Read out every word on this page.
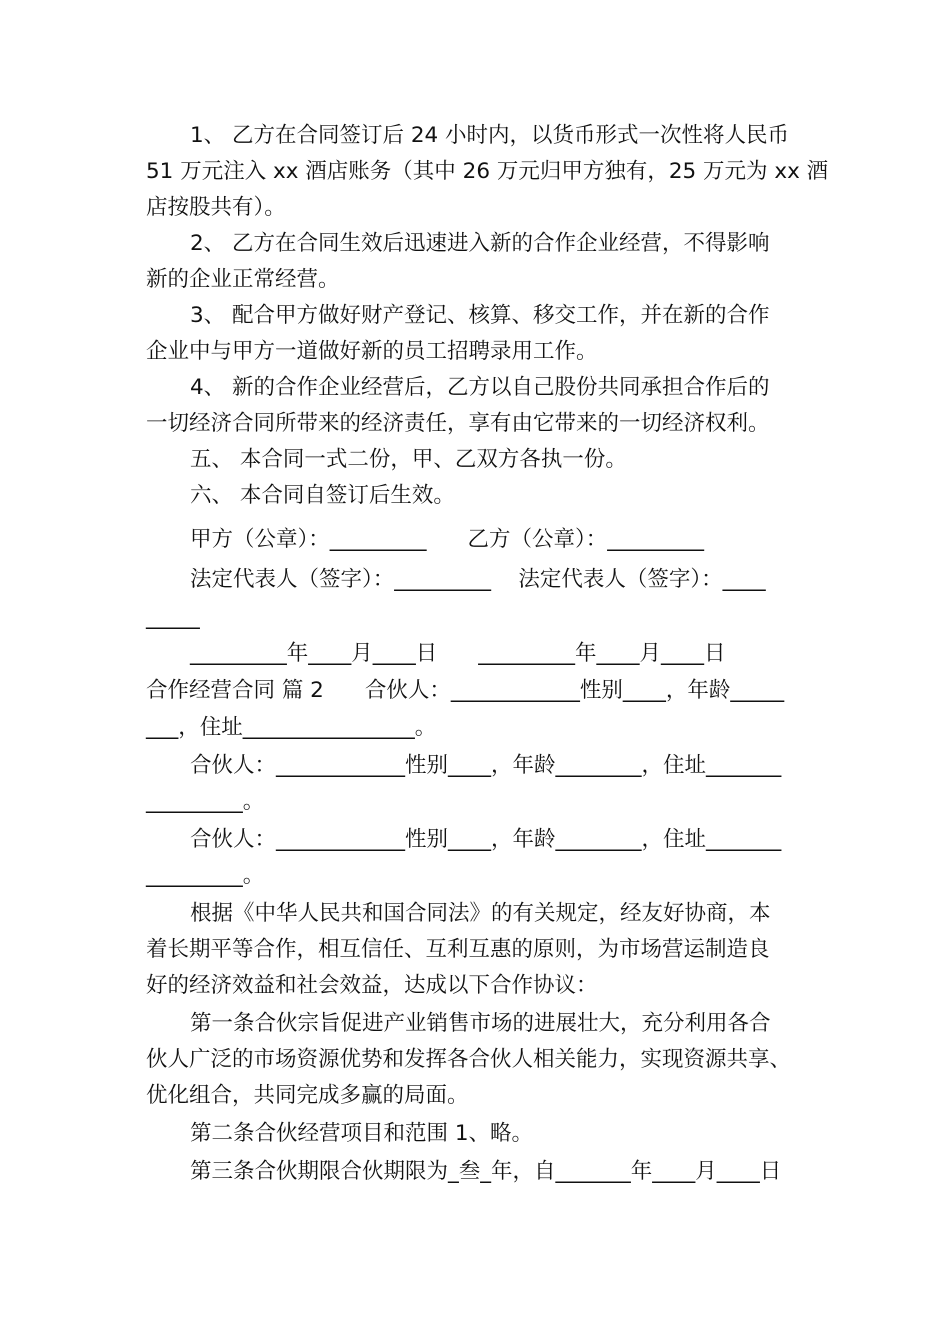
1、 乙方在合同签订后 24 小时内，以货币形式一次性将人民币
51 万元注入 xx 酒店账务（其中 26 万元归甲方独有，25 万元为 xx 酒
店按股共有）。
2、 乙方在合同生效后迅速进入新的合作企业经营，不得影响
新的企业正常经营。
3、 配合甲方做好财产登记、核算、移交工作，并在新的合作
企业中与甲方一道做好新的员工招聘录用工作。
4、 新的合作企业经营后，乙方以自己股份共同承担合作后的
一切经济合同所带来的经济责任，享有由它带来的一切经济权利。
五、 本合同一式二份，甲、乙双方各执一份。
六、 本合同自签订后生效。
甲方（公章）：_________      乙方（公章）：_________
法定代表人（签字）：_________    法定代表人（签字）：____
_____
_________年____月____日      _________年____月____日
合作经营合同 篇 2      合伙人：____________性别____，年龄_____
___，住址________________。
合伙人：____________性别____，年龄________，住址_______
_________。
合伙人：____________性别____，年龄________，住址_______
_________。
根据《中华人民共和国合同法》的有关规定，经友好协商，本
着长期平等合作，相互信任、互利互惠的原则，为市场营运制造良
好的经济效益和社会效益，达成以下合作协议：
第一条合伙宗旨促进产业销售市场的进展壮大，充分利用各合
伙人广泛的市场资源优势和发挥各合伙人相关能力，实现资源共享、
优化组合，共同完成多赢的局面。
第二条合伙经营项目和范围 1、略。
第三条合伙期限合伙期限为_叁_年，自_______年____月____日
